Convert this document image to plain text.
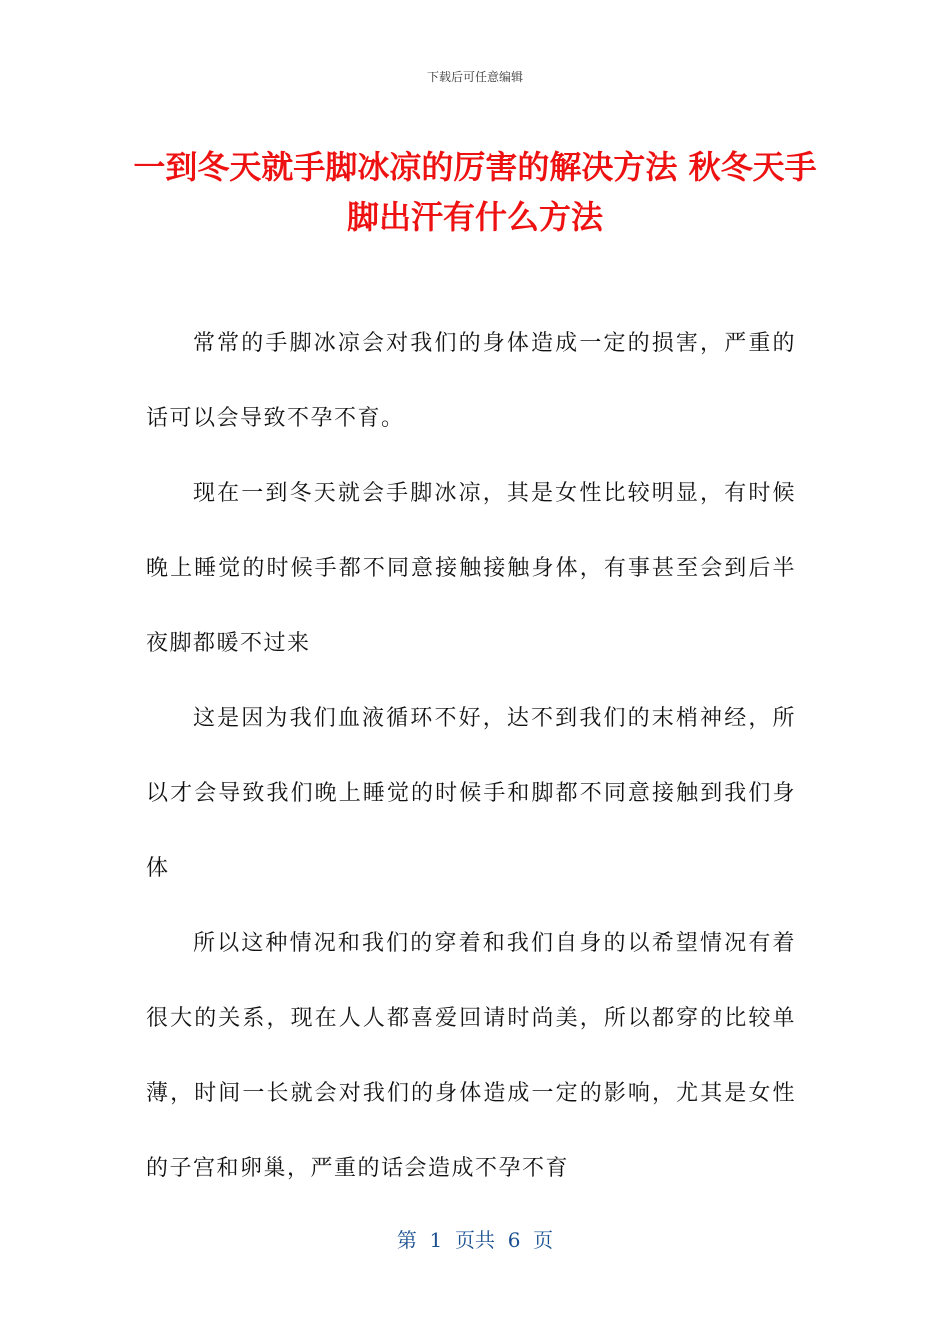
下载后可任意编辑
一到冬天就手脚冰凉的厉害的解决方法 秋冬天手脚出汗有什么方法

常常的手脚冰凉会对我们的身体造成一定的损害，严重的话可以会导致不孕不育。

现在一到冬天就会手脚冰凉，其是女性比较明显，有时候晚上睡觉的时候手都不同意接触接触身体，有事甚至会到后半夜脚都暖不过来

这是因为我们血液循环不好，达不到我们的末梢神经，所以才会导致我们晚上睡觉的时候手和脚都不同意接触到我们身体

所以这种情况和我们的穿着和我们自身的以希望情况有着很大的关系，现在人人都喜爱回请时尚美，所以都穿的比较单薄，时间一长就会对我们的身体造成一定的影响，尤其是女性的子宫和卵巢，严重的话会造成不孕不育

第  1  页共  6  页
